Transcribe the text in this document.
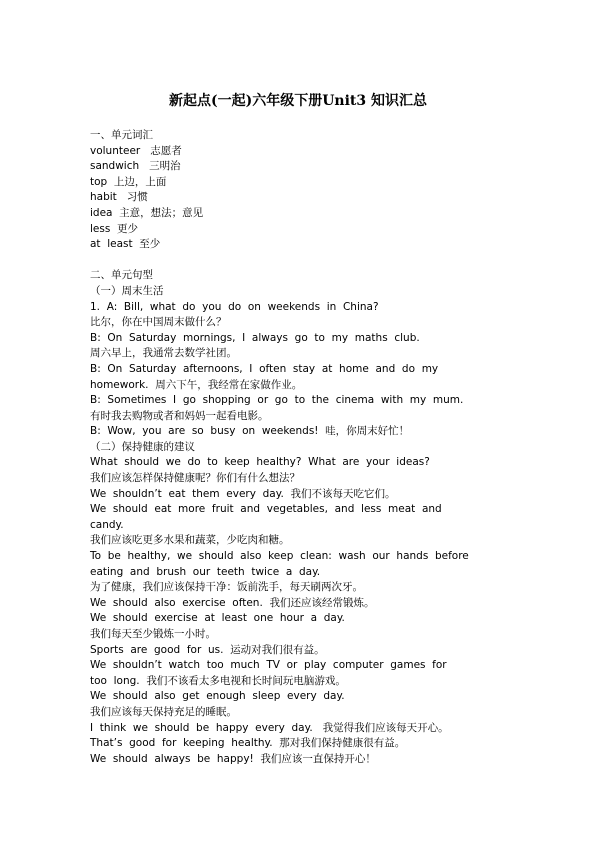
新起点(一起)六年级下册Unit3 知识汇总
一、单元词汇
volunteer   志愿者
sandwich   三明治
top  上边，上面
habit   习惯
idea  主意，想法；意见
less  更少
at  least  至少
二、单元句型
（一）周末生活
1.  A:  Bill,  what  do  you  do  on  weekends  in  China?
比尔，你在中国周末做什么？
B:  On  Saturday  mornings,  I  always  go  to  my  maths  club.
周六早上，我通常去数学社团。
B:  On  Saturday  afternoons,  I  often  stay  at  home  and  do  my
homework.  周六下午，我经常在家做作业。
B:  Sometimes  I  go  shopping  or  go  to  the  cinema  with  my  mum.
有时我去购物或者和妈妈一起看电影。
B:  Wow,  you  are  so  busy  on  weekends!  哇，你周末好忙！
（二）保持健康的建议
What  should  we  do  to  keep  healthy?  What  are  your  ideas?
我们应该怎样保持健康呢？你们有什么想法？
We  shouldn’t  eat  them  every  day.  我们不该每天吃它们。
We  should  eat  more  fruit  and  vegetables,  and  less  meat  and
candy.
我们应该吃更多水果和蔬菜，少吃肉和糖。
To  be  healthy,  we  should  also  keep  clean:  wash  our  hands  before
eating  and  brush  our  teeth  twice  a  day.
为了健康，我们应该保持干净：饭前洗手，每天刷两次牙。
We  should  also  exercise  often.  我们还应该经常锻炼。
We  should  exercise  at  least  one  hour  a  day.
我们每天至少锻炼一小时。
Sports  are  good  for  us.  运动对我们很有益。
We  shouldn’t  watch  too  much  TV  or  play  computer  games  for
too  long.  我们不该看太多电视和长时间玩电脑游戏。
We  should  also  get  enough  sleep  every  day.
我们应该每天保持充足的睡眠。
I  think  we  should  be  happy  every  day.   我觉得我们应该每天开心。
That’s  good  for  keeping  healthy.  那对我们保持健康很有益。
We  should  always  be  happy!  我们应该一直保持开心！
